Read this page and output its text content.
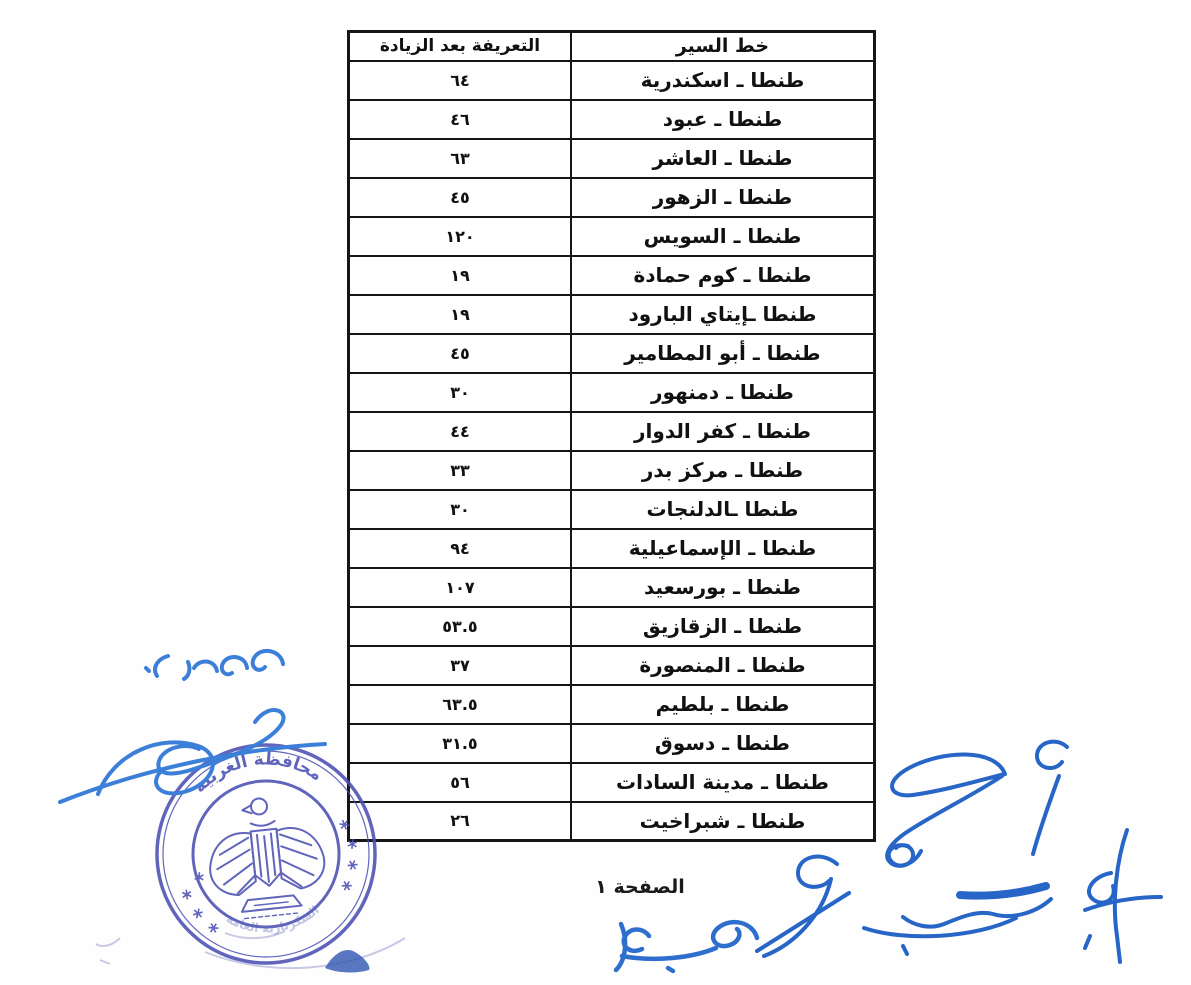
خط السير	التعريفة بعد الزيادة
طنطا ـ اسكندرية	٦٤
طنطا ـ عبود	٤٦
طنطا ـ العاشر	٦٣
طنطا ـ الزهور	٤٥
طنطا ـ السويس	١٢٠
طنطا ـ كوم حمادة	١٩
طنطا ـإيتاي البارود	١٩
طنطا ـ أبو المطامير	٤٥
طنطا ـ دمنهور	٣٠
طنطا ـ كفر الدوار	٤٤
طنطا ـ مركز بدر	٣٣
طنطا ـالدلنجات	٣٠
طنطا ـ الإسماعيلية	٩٤
طنطا ـ بورسعيد	١٠٧
طنطا ـ الزقازيق	٥٣.٥
طنطا ـ المنصورة	٣٧
طنطا ـ بلطيم	٦٣.٥
طنطا ـ دسوق	٣١.٥
طنطا ـ مدينة السادات	٥٦
طنطا ـ شبراخيت	٢٦
الصفحة ١
محافظة الغربية
السكرتارية العامة
